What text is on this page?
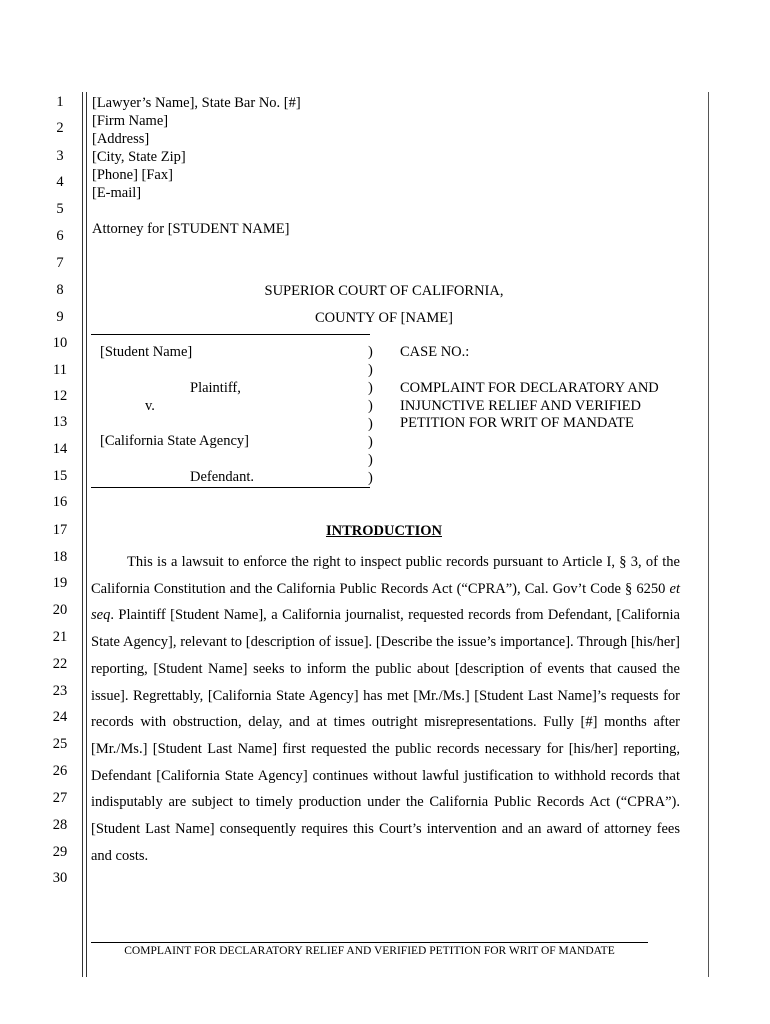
1
2
3
4
5
6
7
8
9
10
11
12
13
14
15
16
17
18
19
20
21
22
23
24
25
26
27
28
29
30
[Lawyer’s Name], State Bar No. [#]
[Firm Name]
[Address]
[City, State Zip]
[Phone] [Fax]
[E-mail]
Attorney for [STUDENT NAME]
SUPERIOR COURT OF CALIFORNIA,
COUNTY OF [NAME]
[Student Name]
Plaintiff,
v.
[California State Agency]
Defendant.
)
)
)
)
)
)
)
)
CASE NO.:
COMPLAINT FOR DECLARATORY AND
INJUNCTIVE RELIEF AND VERIFIED
PETITION FOR WRIT OF MANDATE
INTRODUCTION

This is a lawsuit to enforce the right to inspect public records pursuant to Article I, § 3, of the California Constitution and the California Public Records Act (“CPRA”), Cal. Gov’t Code § 6250 et seq. Plaintiff [Student Name], a California journalist, requested records from Defendant, [California State Agency], relevant to [description of issue]. [Describe the issue’s importance]. Through [his/her] reporting, [Student Name] seeks to inform the public about [description of events that caused the issue]. Regrettably, [California State Agency] has met [Mr./Ms.] [Student Last Name]’s requests for records with obstruction, delay, and at times outright misrepresentations. Fully [#] months after [Mr./Ms.] [Student Last Name] first requested the public records necessary for [his/her] reporting, Defendant [California State Agency] continues without lawful justification to withhold records that indisputably are subject to timely production under the California Public Records Act (“CPRA”). [Student Last Name] consequently requires this Court’s intervention and an award of attorney fees and costs.

COMPLAINT FOR DECLARATORY RELIEF AND VERIFIED PETITION FOR WRIT OF MANDATE
